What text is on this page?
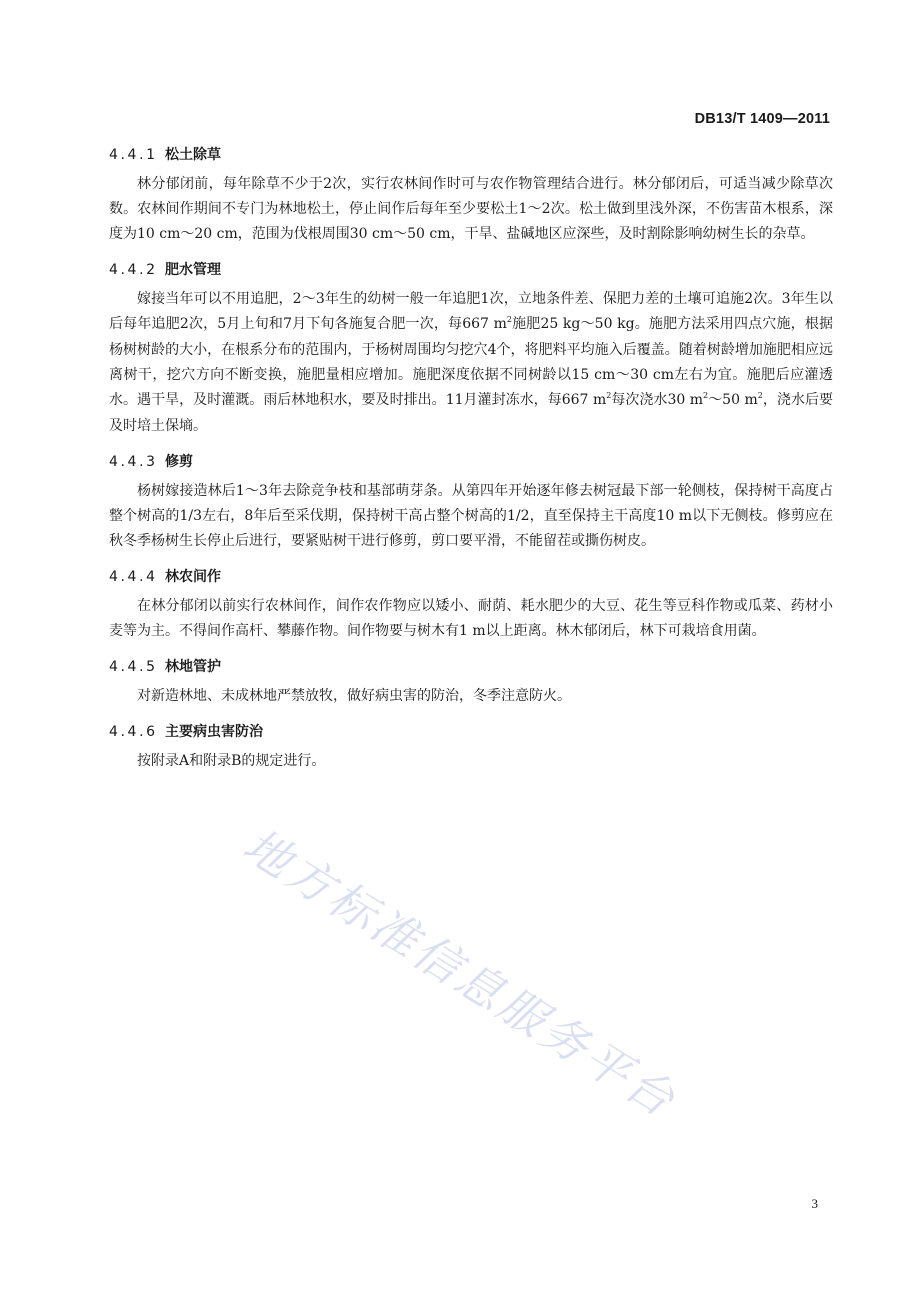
DB13/T 1409—2011
4.4.1 松土除草

林分郁闭前，每年除草不少于2次，实行农林间作时可与农作物管理结合进行。林分郁闭后，可适当减少除草次数。农林间作期间不专门为林地松土，停止间作后每年至少要松土1～2次。松土做到里浅外深，不伤害苗木根系，深度为10 cm～20 cm，范围为伐根周围30 cm～50 cm，干旱、盐碱地区应深些，及时割除影响幼树生长的杂草。

4.4.2 肥水管理

嫁接当年可以不用追肥，2～3年生的幼树一般一年追肥1次，立地条件差、保肥力差的土壤可追施2次。3年生以后每年追肥2次，5月上旬和7月下旬各施复合肥一次，每667 $m^2$施肥25 kg～50 kg。施肥方法采用四点穴施，根据杨树树龄的大小，在根系分布的范围内，于杨树周围均匀挖穴4个，将肥料平均施入后覆盖。随着树龄增加施肥相应远离树干，挖穴方向不断变换，施肥量相应增加。施肥深度依据不同树龄以15 cm～30 cm左右为宜。施肥后应灌透水。遇干旱，及时灌溉。雨后林地积水，要及时排出。11月灌封冻水，每667 $m^2$每次浇水30 $m^2\sim 50$ $m^2$，浇水后要及时培土保墒。

4.4.3 修剪

杨树嫁接造林后1～3年去除竞争枝和基部萌芽条。从第四年开始逐年修去树冠最下部一轮侧枝，保持树干高度占整个树高的1/3左右，8年后至采伐期，保持树干高占整个树高的1/2，直至保持主干高度10 m以下无侧枝。修剪应在秋冬季杨树生长停止后进行，要紧贴树干进行修剪，剪口要平滑，不能留茬或撕伤树皮。

4.4.4 林农间作

在林分郁闭以前实行农林间作，间作农作物应以矮小、耐荫、耗水肥少的大豆、花生等豆科作物或瓜菜、药材小麦等为主。不得间作高杆、攀藤作物。间作物要与树木有1 m以上距离。林木郁闭后，林下可栽培食用菌。

4.4.5 林地管护

对新造林地、未成林地严禁放牧，做好病虫害的防治，冬季注意防火。

4.4.6 主要病虫害防治

按附录A和附录B的规定进行。

地方标准信息服务平台
3
